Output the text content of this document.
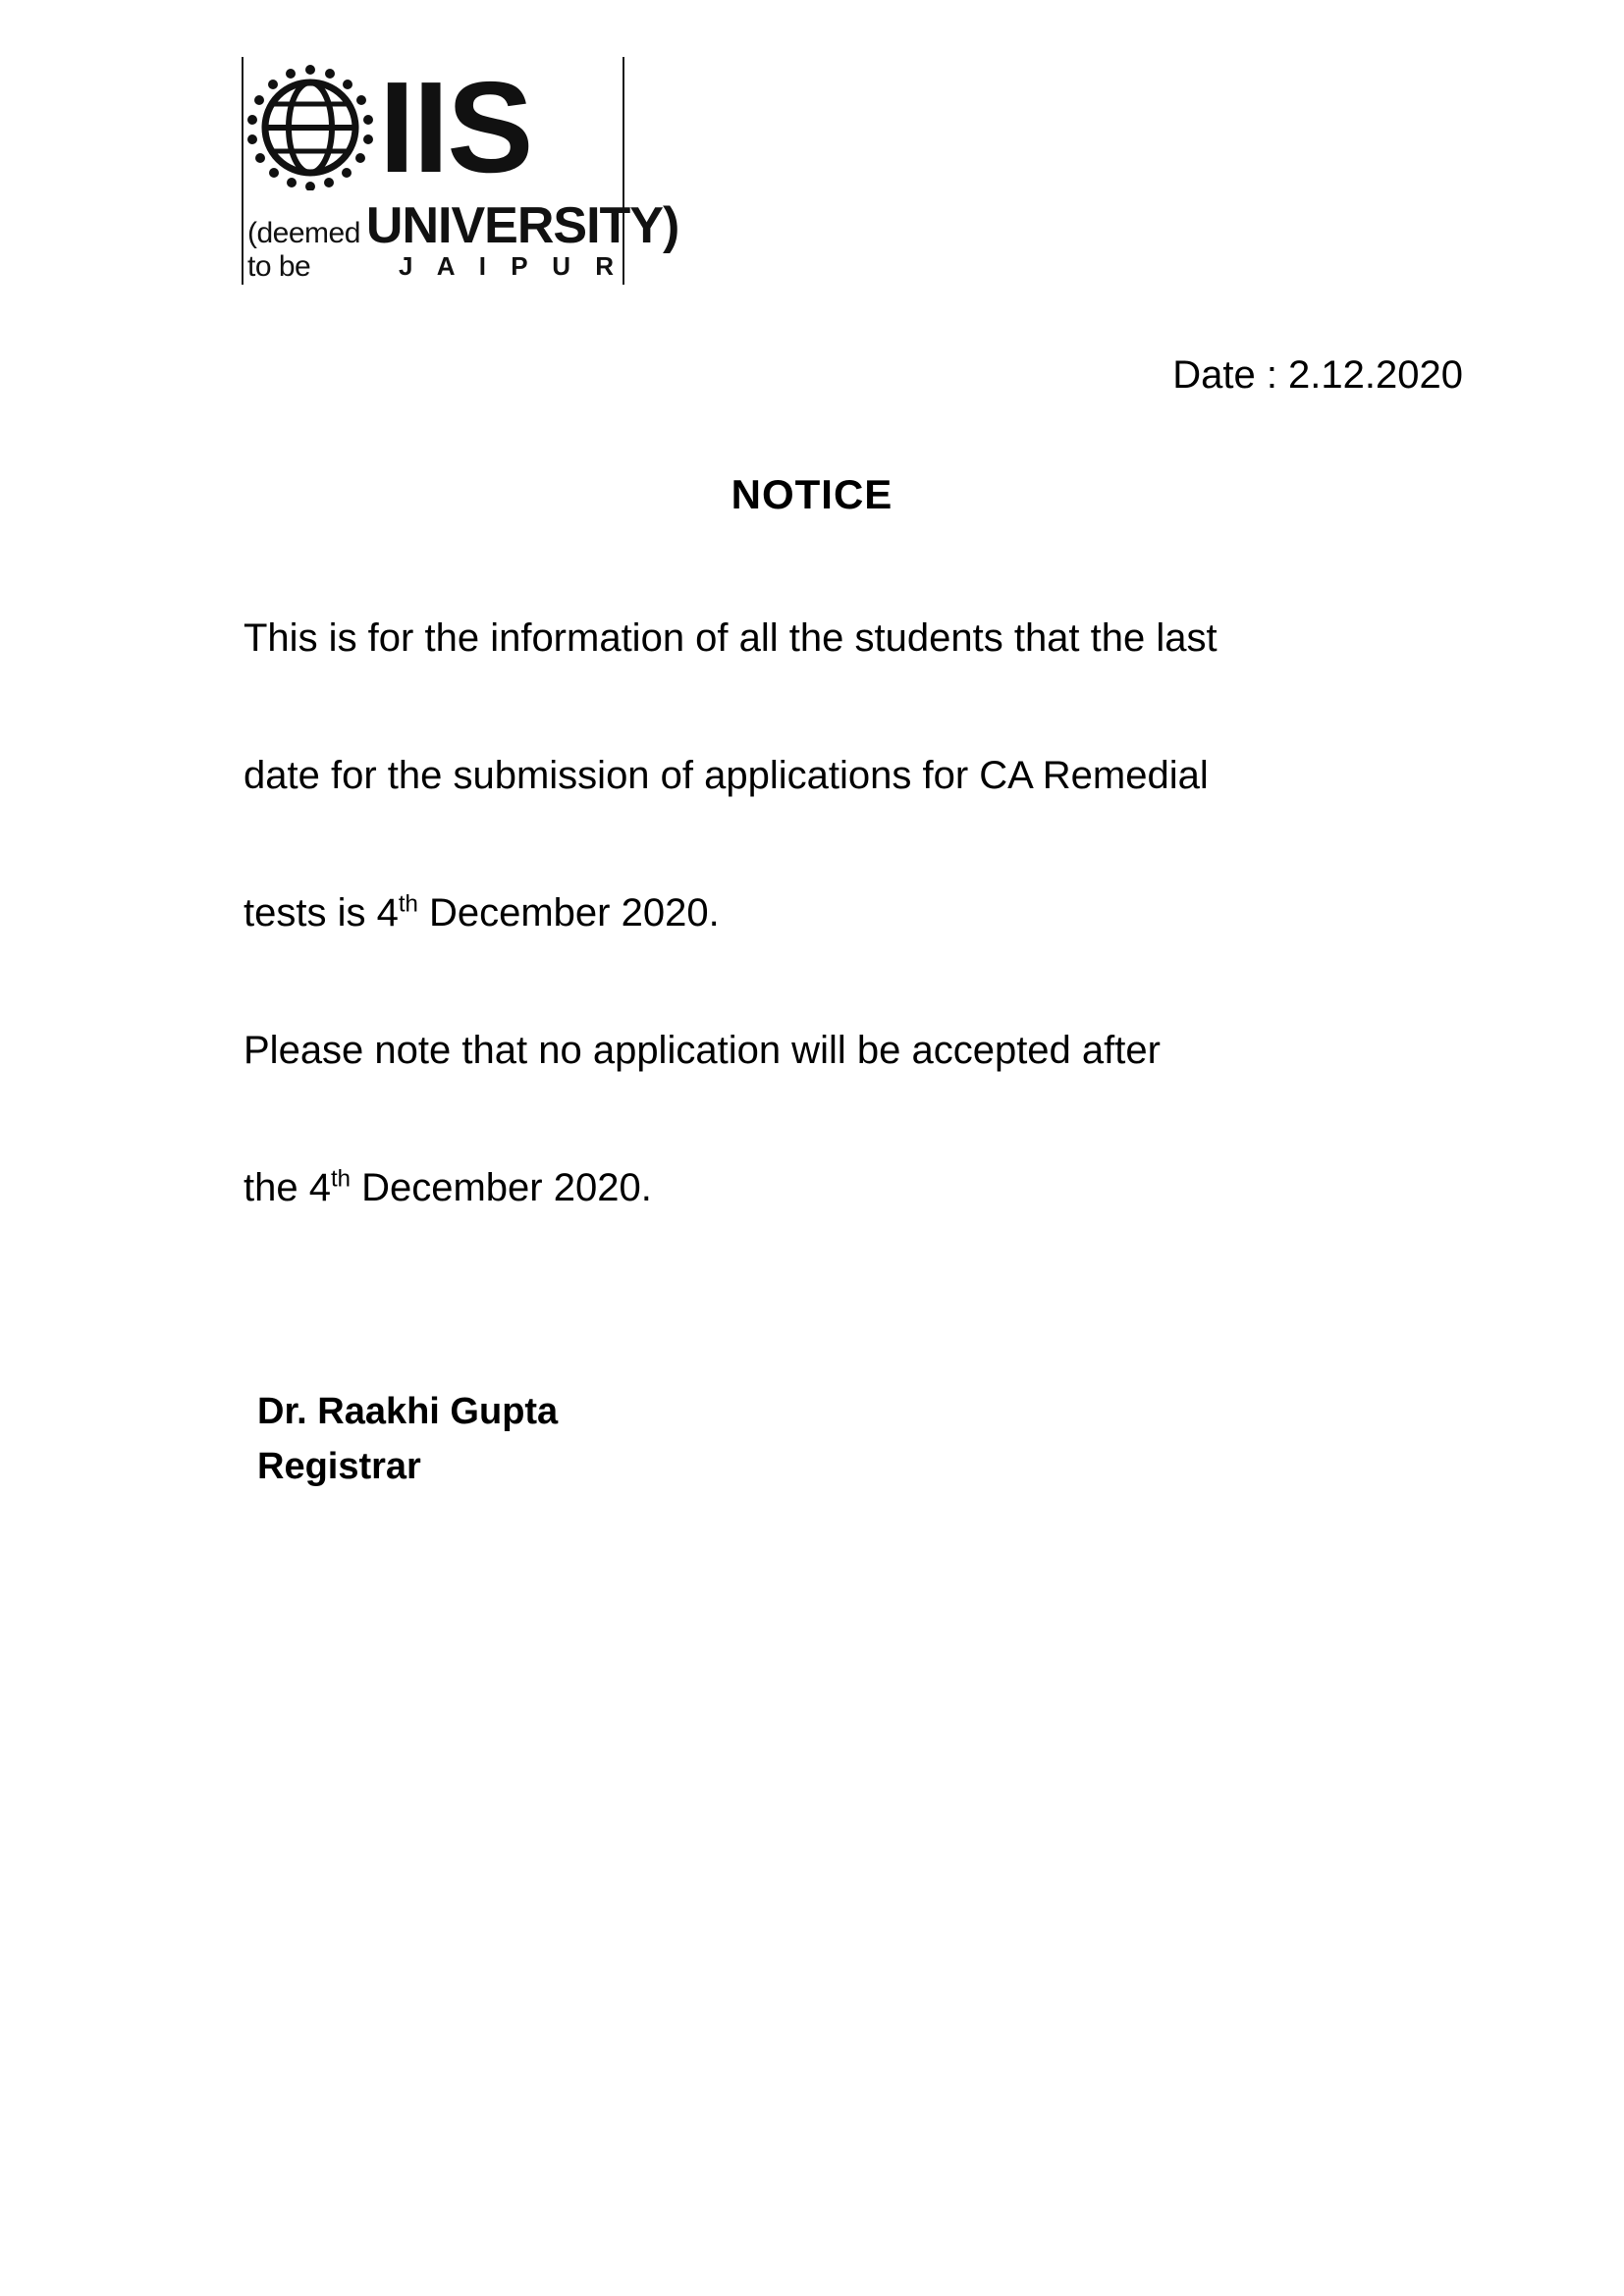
IIS
(deemed to be
UNIVERSITY)
J A I P U R
Date : 2.12.2020
NOTICE
This is for the information of all the students that the last
date for the submission of applications for CA Remedial
tests is 4th December 2020.
Please note that no application will be accepted after
the 4th December 2020.
Dr. Raakhi Gupta
Registrar
